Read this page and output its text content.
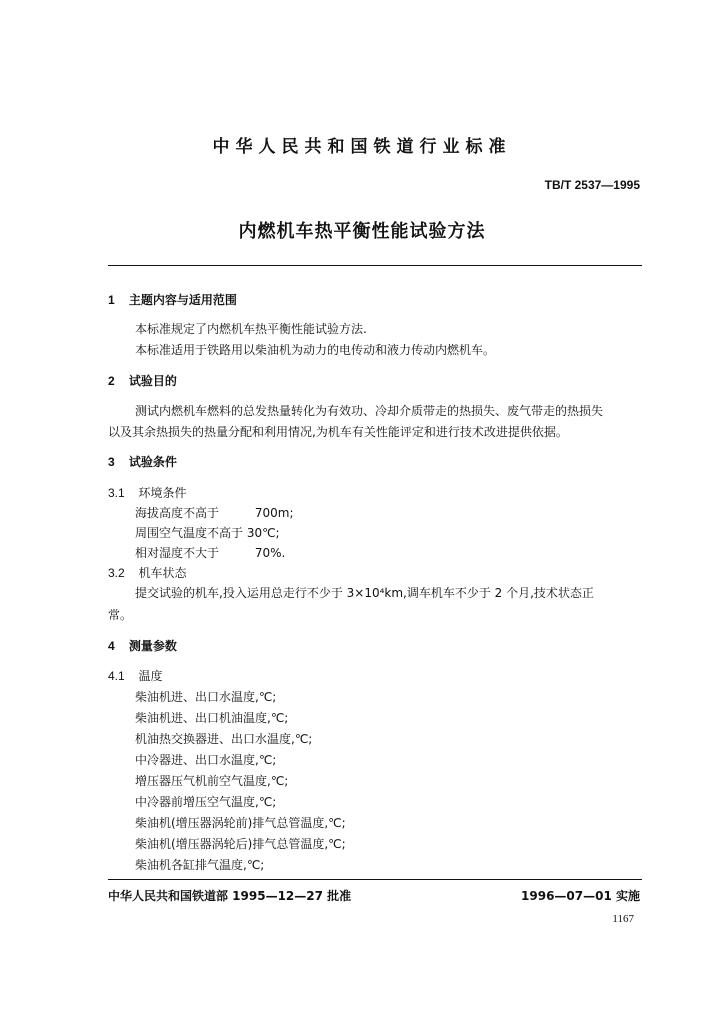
中华人民共和国铁道行业标准
TB/T 2537—1995
内燃机车热平衡性能试验方法
1 主题内容与适用范围
本标准规定了内燃机车热平衡性能试验方法.
本标准适用于铁路用以柴油机为动力的电传动和液力传动内燃机车。
2 试验目的
测试内燃机车燃料的总发热量转化为有效功、冷却介质带走的热损失、废气带走的热损失
以及其余热损失的热量分配和利用情况,为机车有关性能评定和进行技术改进提供依据。
3 试验条件
3.1 环境条件
海拔高度不高于	700m;
周围空气温度不高于 30℃;
相对湿度不大于	70%.
3.2 机车状态
提交试验的机车,投入运用总走行不少于 3×10⁴km,调车机车不少于 2 个月,技术状态正
常。
4 测量参数
4.1 温度
柴油机进、出口水温度,℃;
柴油机进、出口机油温度,℃;
机油热交换器进、出口水温度,℃;
中冷器进、出口水温度,℃;
增压器压气机前空气温度,℃;
中冷器前增压空气温度,℃;
柴油机(增压器涡轮前)排气总管温度,℃;
柴油机(增压器涡轮后)排气总管温度,℃;
柴油机各缸排气温度,℃;
中华人民共和国铁道部 1995—12—27 批准	1996—07—01 实施
1167
